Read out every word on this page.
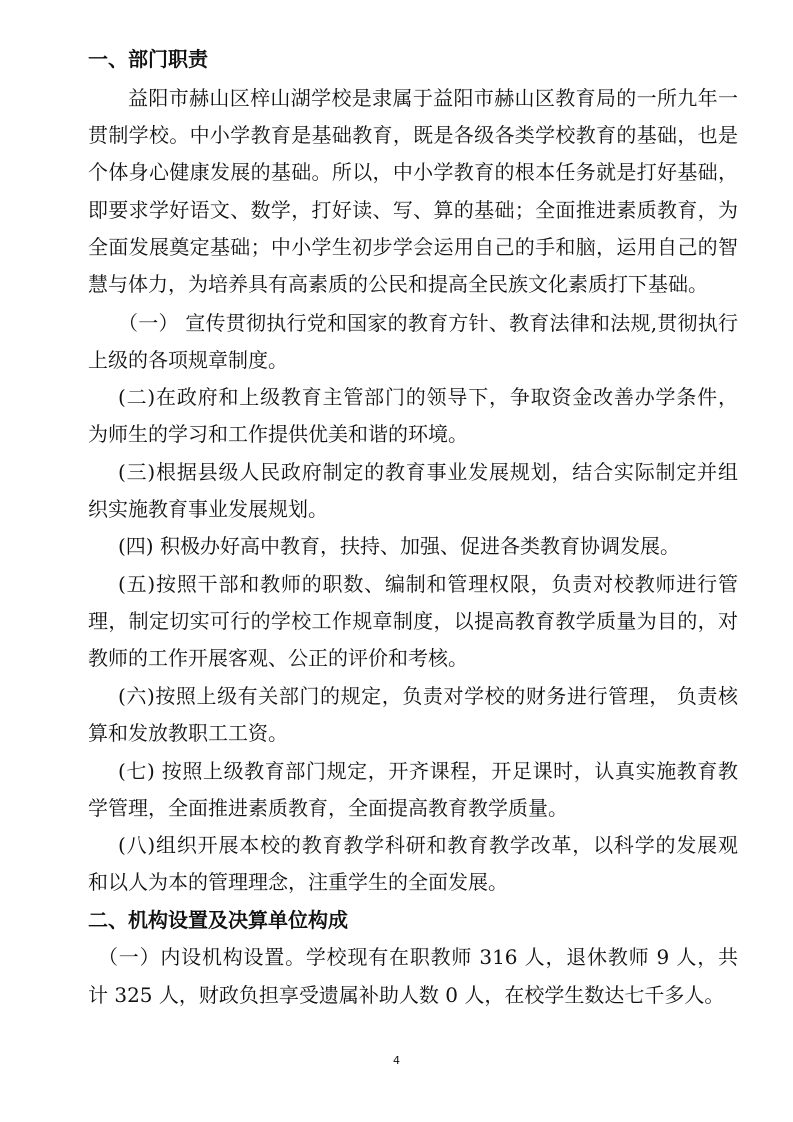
一、部门职责
益阳市赫山区梓山湖学校是隶属于益阳市赫山区教育局的一所九年一
贯制学校。中小学教育是基础教育，既是各级各类学校教育的基础，也是
个体身心健康发展的基础。所以，中小学教育的根本任务就是打好基础，
即要求学好语文、数学，打好读、写、算的基础；全面推进素质教育，为
全面发展奠定基础；中小学生初步学会运用自己的手和脑，运用自己的智
慧与体力，为培养具有高素质的公民和提高全民族文化素质打下基础。
（一） 宣传贯彻执行党和国家的教育方针、教育法律和法规,贯彻执行
上级的各项规章制度。
(二)在政府和上级教育主管部门的领导下，争取资金改善办学条件，
为师生的学习和工作提供优美和谐的环境。
(三)根据县级人民政府制定的教育事业发展规划，结合实际制定并组
织实施教育事业发展规划。
(四) 积极办好高中教育，扶持、加强、促进各类教育协调发展。
(五)按照干部和教师的职数、编制和管理权限，负责对校教师进行管
理，制定切实可行的学校工作规章制度，以提高教育教学质量为目的，对
教师的工作开展客观、公正的评价和考核。
(六)按照上级有关部门的规定，负责对学校的财务进行管理， 负责核
算和发放教职工工资。
(七) 按照上级教育部门规定，开齐课程，开足课时，认真实施教育教
学管理，全面推进素质教育，全面提高教育教学质量。
(八)组织开展本校的教育教学科研和教育教学改革，以科学的发展观
和以人为本的管理理念，注重学生的全面发展。
二、机构设置及决算单位构成
（一）内设机构设置。学校现有在职教师 316 人，退休教师 9 人，共
计 325 人，财政负担享受遗属补助人数 0 人，在校学生数达七千多人。
4
